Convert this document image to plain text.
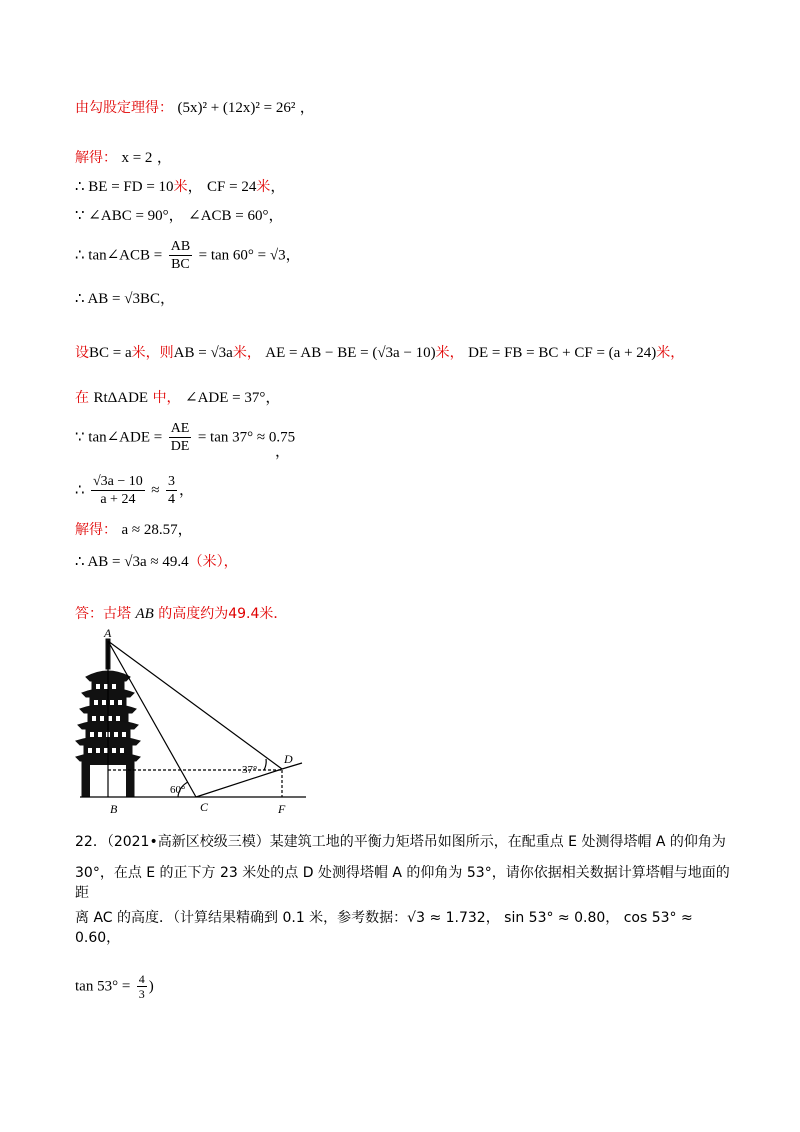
由勾股定理得： (5x)² + (12x)² = 26² ，
解得： x = 2 ，
∴ BE = FD = 10米， CF = 24米，
∵ ∠ABC = 90°， ∠ACB = 60°，
∴ tan∠ACB = $\frac{AB}{BC} = \tan 60^\circ = √3$，
∴ AB = √3BC，
设BC = a米，则AB = √3a米， AE = AB − BE = (√3a − 10)米， DE = FB = BC + CF = (a + 24)米，
在 RtΔADE 中， ∠ADE = 37°，
∵ tan∠ADE = $\frac{AE}{DE} = \tan 37^\circ \approx 0.75$
，
∴ $\frac{√3a - 10}{a + 24} \approx \frac{3}{4}$ ，
解得： a ≈ 28.57，
∴ AB = √3a ≈ 49.4（米），
答：古塔 AB 的高度约为49.4米．
A
B	C
D
E
F
60°
37°
22．（2021•高新区校级三模）某建筑工地的平衡力矩塔吊如图所示，在配重点 E 处测得塔帽 A 的仰角为
30°，在点 E 的正下方 23 米处的点 D 处测得塔帽 A 的仰角为 53°，请你依据相关数据计算塔帽与地面的距
离 AC 的高度．（计算结果精确到 0.1 米，参考数据：√3 ≈ 1.732， sin 53° ≈ 0.80， cos 53° ≈ 0.60，
$\tan 53^\circ = \frac{4}{3}$ )
